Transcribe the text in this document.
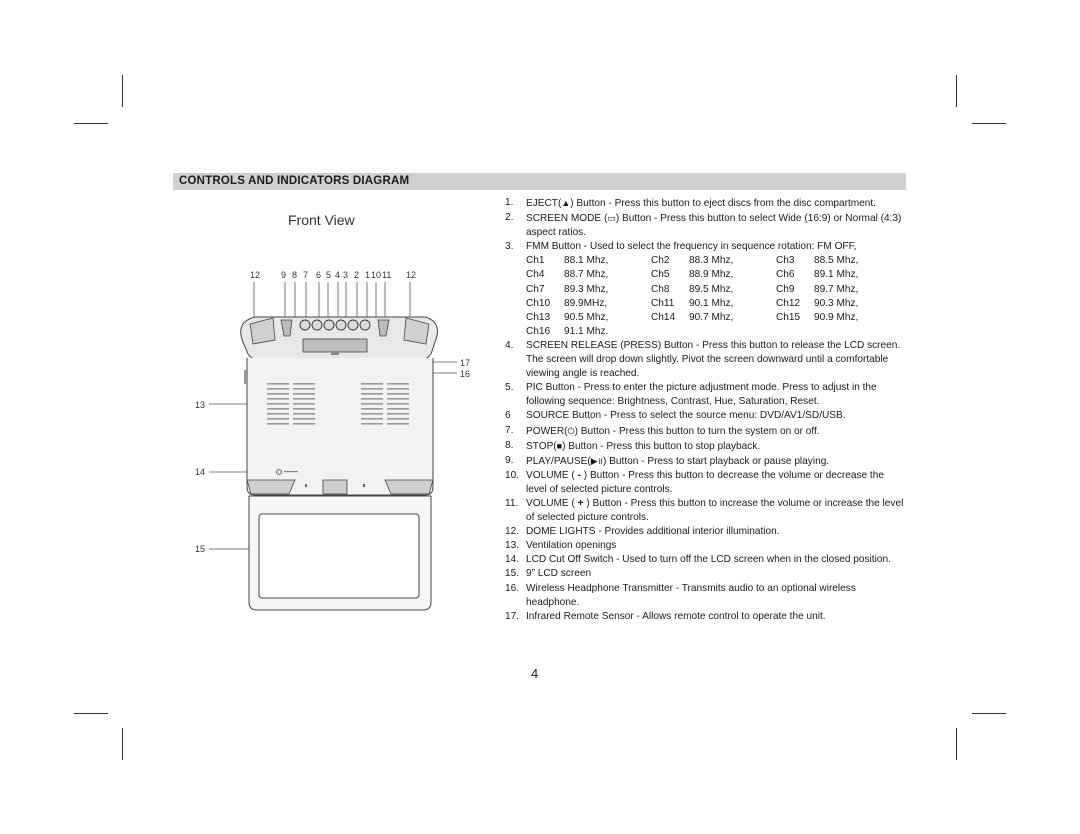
CONTROLS AND INDICATORS DIAGRAM
Front View
12 9 8 7 6 5 4 3 2 1 10 11 12
17
16
13
14
15
1. EJECT(▲) Button - Press this button to eject discs from the disc compartment.
2. SCREEN MODE (▭) Button - Press this button to select Wide (16:9) or Normal (4:3) aspect ratios.
3. FMM Button - Used to select the frequency in sequence rotation: FM OFF,
Ch1	88.1 Mhz,	Ch2	88.3 Mhz,	Ch3	88.5 Mhz,
Ch4	88.7 Mhz,	Ch5	88.9 Mhz,	Ch6	89.1 Mhz,
Ch7	89.3 Mhz,	Ch8	89.5 Mhz,	Ch9	89.7 Mhz,
Ch10	89.9MHz,	Ch11	90.1 Mhz,	Ch12	90.3 Mhz,
Ch13	90.5 Mhz,	Ch14	90.7 Mhz,	Ch15	90.9 Mhz,
Ch16	91.1 Mhz.				
4. SCREEN RELEASE (PRESS) Button - Press this button to release the LCD screen. The screen will drop down slightly. Pivot the screen downward until a comfortable viewing angle is reached.
5. PIC Button - Press to enter the picture adjustment mode. Press to adjust in the following sequence: Brightness, Contrast, Hue, Saturation, Reset.
6 SOURCE Button - Press to select the source menu: DVD/AV1/SD/USB.
7. POWER(⏻) Button - Press this button to turn the system on or off.
8. STOP(■) Button - Press this button to stop playback.
9. PLAY/PAUSE(▶॥) Button - Press to start playback or pause playing.
10. VOLUME ( - ) Button - Press this button to decrease the volume or decrease the level of selected picture controls.
11. VOLUME ( + ) Button - Press this button to increase the volume or increase the level of selected picture controls.
12. DOME LIGHTS - Provides additional interior illumination.
13. Ventilation openings
14. LCD Cut Off Switch - Used to turn off the LCD screen when in the closed position.
15. 9” LCD screen
16. Wireless Headphone Transmitter - Transmits audio to an optional wireless headphone.
17. Infrared Remote Sensor - Allows remote control to operate the unit.
4
